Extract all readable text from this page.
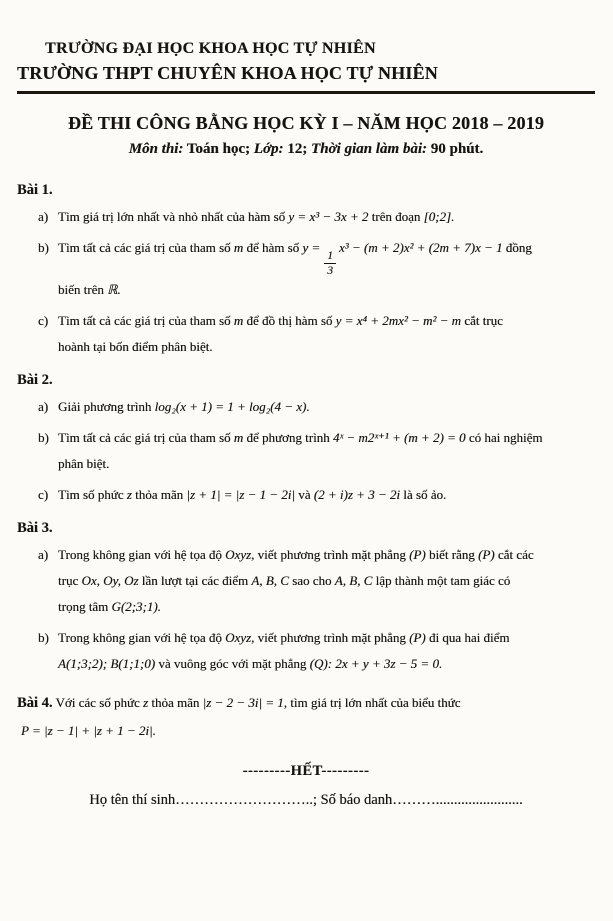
TRƯỜNG ĐẠI HỌC KHOA HỌC TỰ NHIÊN
TRƯỜNG THPT CHUYÊN KHOA HỌC TỰ NHIÊN
ĐỀ THI CÔNG BẰNG HỌC KỲ I – NĂM HỌC 2018 – 2019
Môn thi: Toán học; Lớp: 12; Thời gian làm bài: 90 phút.
Bài 1.
a) Tìm giá trị lớn nhất và nhỏ nhất của hàm số y = x³ − 3x + 2 trên đoạn [0;2].
b) Tìm tất cả các giá trị của tham số m để hàm số y =
$\frac{1}{3}$
x³ − (m + 2)x² + (2m + 7)x − 1 đồng biến trên ℝ.
c) Tìm tất cả các giá trị của tham số m để đồ thị hàm số y = x⁴ + 2mx² − m² − m cắt trục hoành tại bốn điểm phân biệt.
Bài 2.
a) Giải phương trình log₂(x + 1) = 1 + log₂(4 − x).
b) Tìm tất cả các giá trị của tham số m để phương trình 4ˣ − m2ˣ⁺¹ + (m + 2) = 0 có hai nghiệm phân biệt.
c) Tìm số phức z thỏa mãn |z + 1| = |z − 1 − 2i| và (2 + i)z + 3 − 2i là số ảo.
Bài 3.
a) Trong không gian với hệ tọa độ Oxyz, viết phương trình mặt phẳng (P) biết rằng (P) cắt các trục Ox, Oy, Oz lần lượt tại các điểm A, B, C sao cho A, B, C lập thành một tam giác có trọng tâm G(2;3;1).
b) Trong không gian với hệ tọa độ Oxyz, viết phương trình mặt phẳng (P) đi qua hai điểm A(1;3;2); B(1;1;0) và vuông góc với mặt phẳng (Q): 2x + y + 3z − 5 = 0.
Bài 4. Với các số phức z thỏa mãn |z − 2 − 3i| = 1, tìm giá trị lớn nhất của biểu thức
P = |z − 1| + |z + 1 − 2i|.
---------HẾT---------
Họ tên thí sinh………………………..; Số báo danh………........................
